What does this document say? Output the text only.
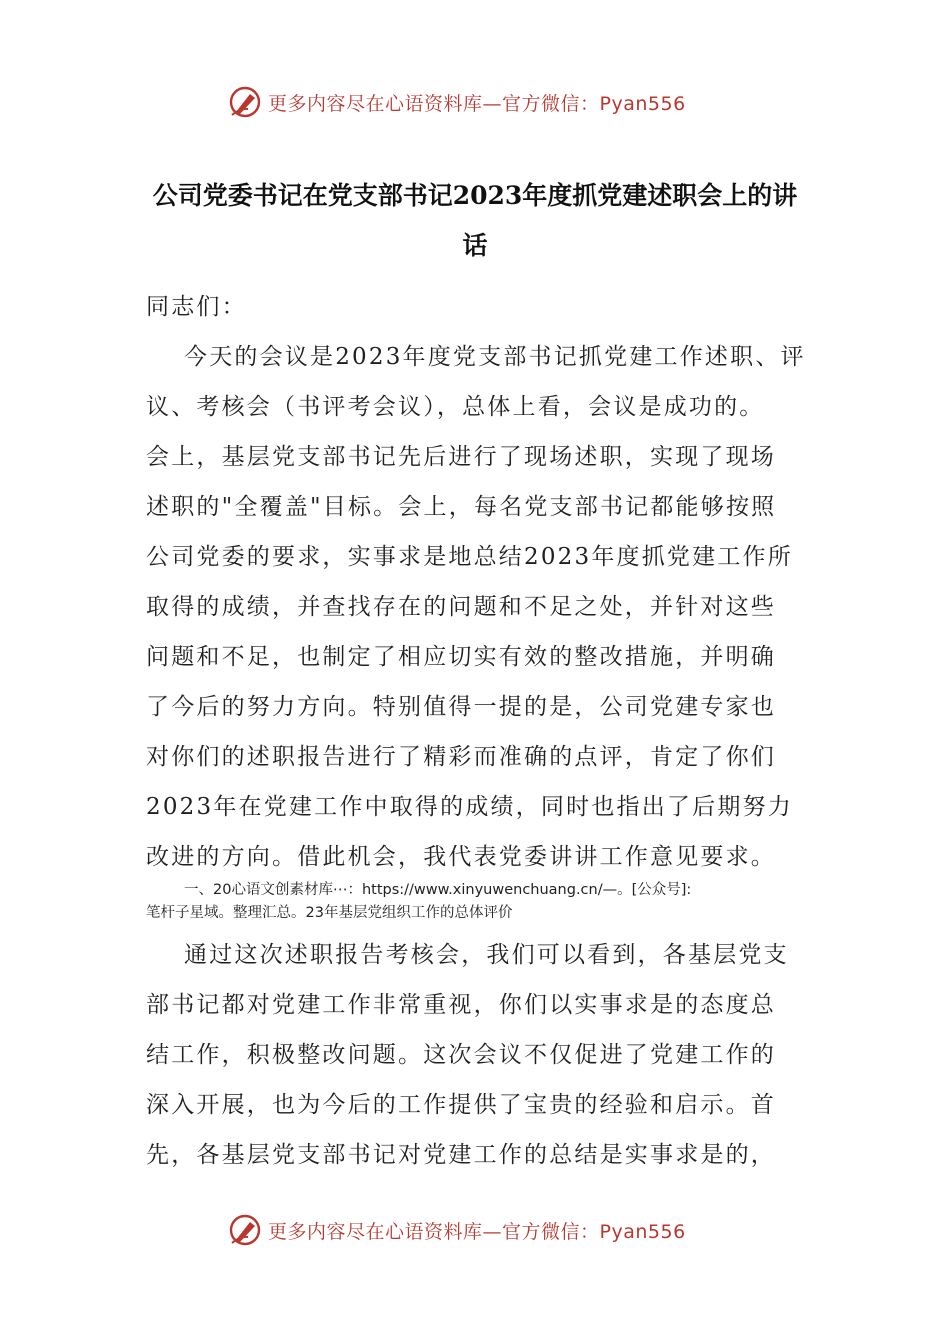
更多内容尽在心语资料库—官方微信：Pyan556
公司党委书记在党支部书记2023年度抓党建述职会上的讲
话
同志们：
今天的会议是2023年度党支部书记抓党建工作述职、评
议、考核会（书评考会议），总体上看，会议是成功的。
会上，基层党支部书记先后进行了现场述职，实现了现场
述职的"全覆盖"目标。会上，每名党支部书记都能够按照
公司党委的要求，实事求是地总结2023年度抓党建工作所
取得的成绩，并查找存在的问题和不足之处，并针对这些
问题和不足，也制定了相应切实有效的整改措施，并明确
了今后的努力方向。特别值得一提的是，公司党建专家也
对你们的述职报告进行了精彩而准确的点评，肯定了你们
2023年在党建工作中取得的成绩，同时也指出了后期努力
改进的方向。借此机会，我代表党委讲讲工作意见要求。
一、20心语文创素材库⋯：https://www.xinyuwenchuang.cn/—。[公众号]:
笔杆子星域。整理汇总。23年基层党组织工作的总体评价
通过这次述职报告考核会，我们可以看到，各基层党支
部书记都对党建工作非常重视，你们以实事求是的态度总
结工作，积极整改问题。这次会议不仅促进了党建工作的
深入开展，也为今后的工作提供了宝贵的经验和启示。首
先，各基层党支部书记对党建工作的总结是实事求是的，
更多内容尽在心语资料库—官方微信：Pyan556
